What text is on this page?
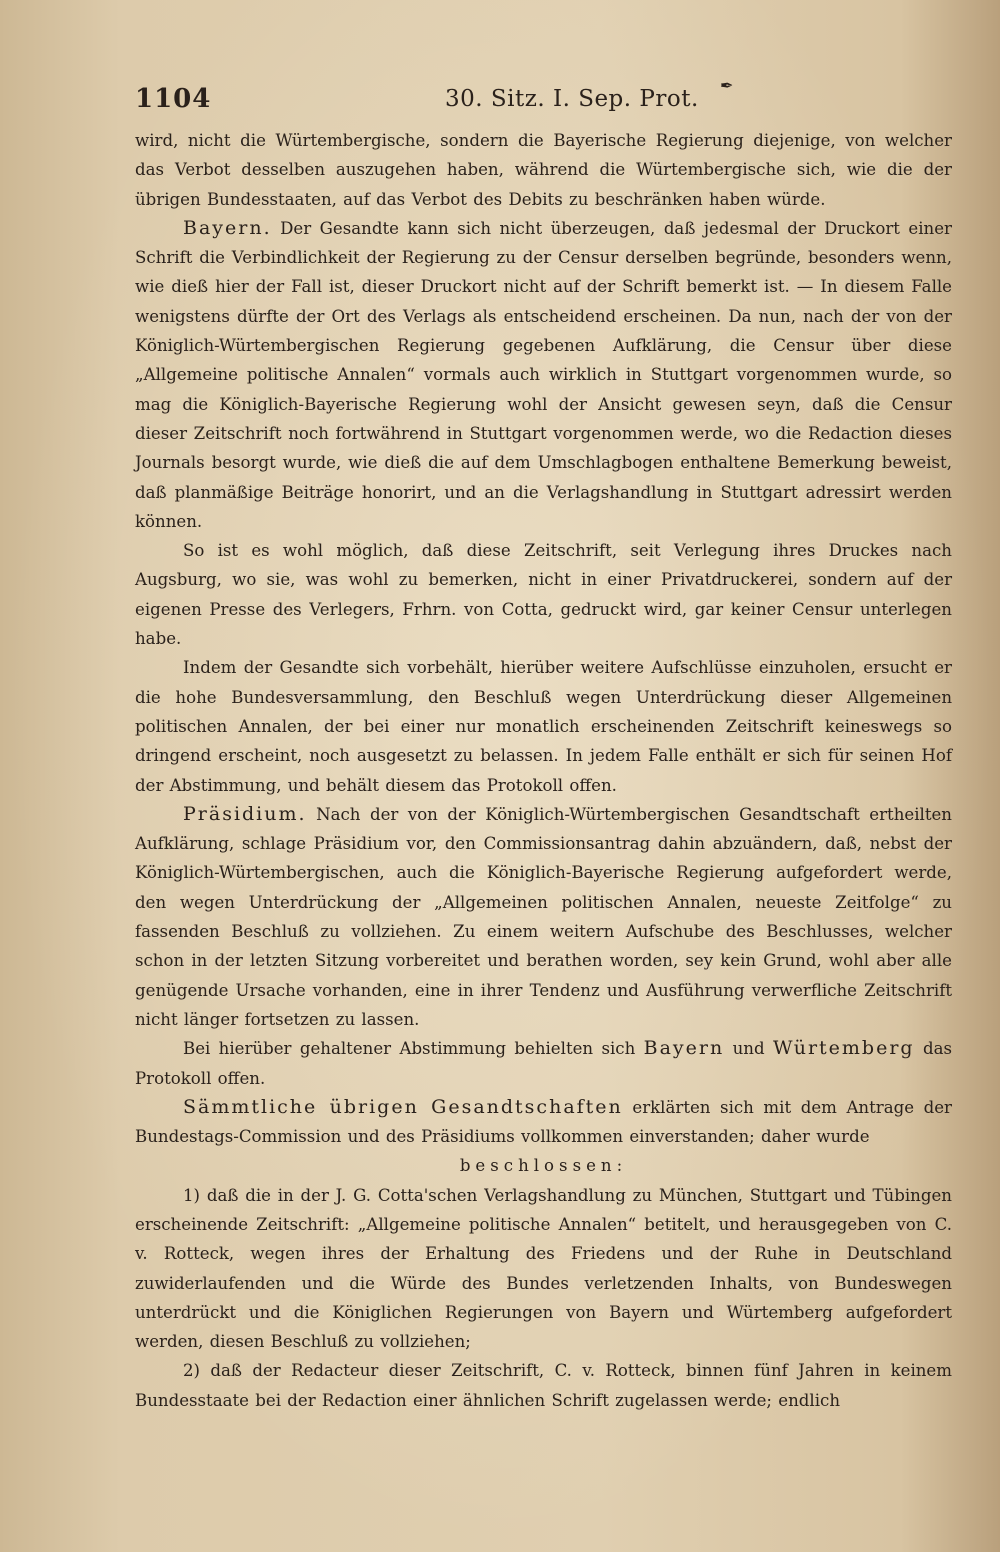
1104	30. Sitz. I. Sep. Prot.
✒

wird, nicht die Würtembergische, sondern die Bayerische Regierung diejenige, von welcher das Verbot desselben auszugehen haben, während die Würtembergische sich, wie die der übrigen Bundesstaaten, auf das Verbot des Debits zu beschränken haben würde.

Bayern. Der Gesandte kann sich nicht überzeugen, daß jedesmal der Druckort einer Schrift die Verbindlichkeit der Regierung zu der Censur derselben begründe, besonders wenn, wie dieß hier der Fall ist, dieser Druckort nicht auf der Schrift bemerkt ist. — In diesem Falle wenigstens dürfte der Ort des Verlags als entscheidend erscheinen. Da nun, nach der von der Königlich-Würtembergischen Regierung gegebenen Aufklärung, die Censur über diese „Allgemeine politische Annalen“ vormals auch wirklich in Stuttgart vorgenommen wurde, so mag die Königlich-Bayerische Regierung wohl der Ansicht gewesen seyn, daß die Censur dieser Zeitschrift noch fortwährend in Stuttgart vorgenommen werde, wo die Redaction dieses Journals besorgt wurde, wie dieß die auf dem Umschlagbogen enthaltene Bemerkung beweist, daß planmäßige Beiträge honorirt, und an die Verlagshandlung in Stuttgart adressirt werden können.

So ist es wohl möglich, daß diese Zeitschrift, seit Verlegung ihres Druckes nach Augsburg, wo sie, was wohl zu bemerken, nicht in einer Privatdruckerei, sondern auf der eigenen Presse des Verlegers, Frhrn. von Cotta, gedruckt wird, gar keiner Censur unterlegen habe.

Indem der Gesandte sich vorbehält, hierüber weitere Aufschlüsse einzuholen, ersucht er die hohe Bundesversammlung, den Beschluß wegen Unterdrückung dieser Allgemeinen politischen Annalen, der bei einer nur monatlich erscheinenden Zeitschrift keineswegs so dringend erscheint, noch ausgesetzt zu belassen. In jedem Falle enthält er sich für seinen Hof der Abstimmung, und behält diesem das Protokoll offen.

Präsidium. Nach der von der Königlich-Würtembergischen Gesandtschaft ertheilten Aufklärung, schlage Präsidium vor, den Commissionsantrag dahin abzuändern, daß, nebst der Königlich-Würtembergischen, auch die Königlich-Bayerische Regierung aufgefordert werde, den wegen Unterdrückung der „Allgemeinen politischen Annalen, neueste Zeitfolge“ zu fassenden Beschluß zu vollziehen. Zu einem weitern Aufschube des Beschlusses, welcher schon in der letzten Sitzung vorbereitet und berathen worden, sey kein Grund, wohl aber alle genügende Ursache vorhanden, eine in ihrer Tendenz und Ausführung verwerfliche Zeitschrift nicht länger fortsetzen zu lassen.

Bei hierüber gehaltener Abstimmung behielten sich Bayern und Würtemberg das Protokoll offen.

Sämmtliche übrigen Gesandtschaften erklärten sich mit dem Antrage der Bundestags-Commission und des Präsidiums vollkommen einverstanden; daher wurde

beschlossen:

1) daß die in der J. G. Cotta'schen Verlagshandlung zu München, Stuttgart und Tübingen erscheinende Zeitschrift: „Allgemeine politische Annalen“ betitelt, und herausgegeben von C. v. Rotteck, wegen ihres der Erhaltung des Friedens und der Ruhe in Deutschland zuwiderlaufenden und die Würde des Bundes verletzenden Inhalts, von Bundeswegen unterdrückt und die Königlichen Regierungen von Bayern und Würtemberg aufgefordert werden, diesen Beschluß zu vollziehen;

2) daß der Redacteur dieser Zeitschrift, C. v. Rotteck, binnen fünf Jahren in keinem Bundesstaate bei der Redaction einer ähnlichen Schrift zugelassen werde; endlich
